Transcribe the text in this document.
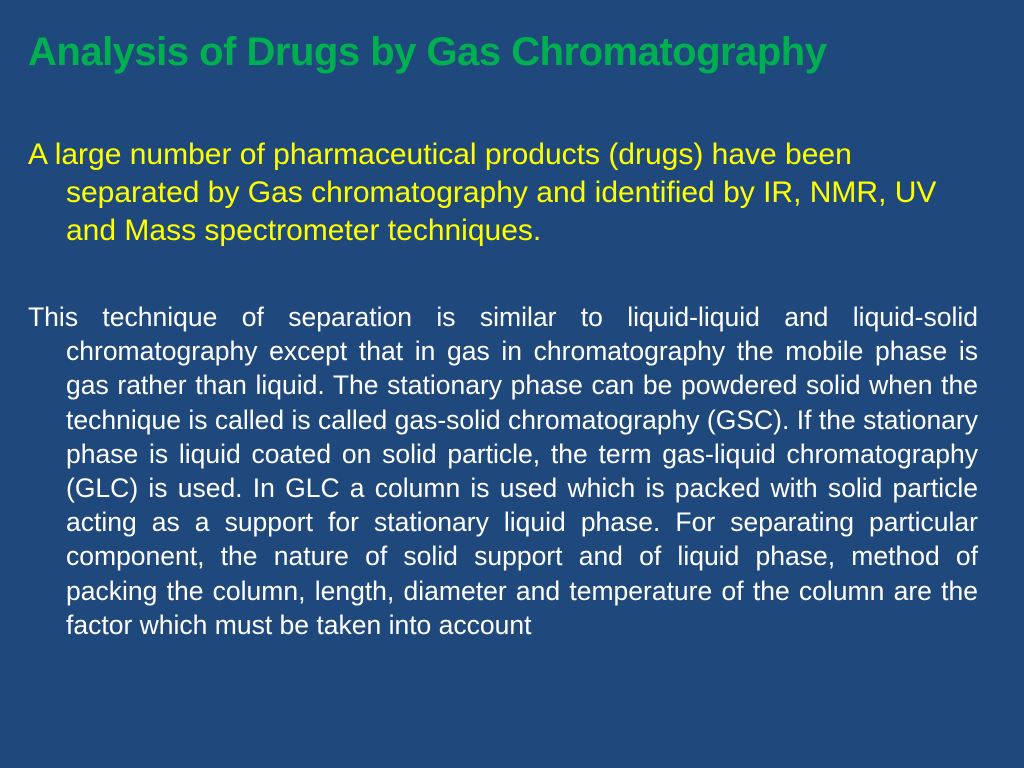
Analysis of Drugs by Gas Chromatography

A large number of pharmaceutical products (drugs) have been separated by Gas chromatography and identified by IR, NMR, UV and Mass spectrometer techniques.

This technique of separation is similar to liquid-liquid and liquid-solid chromatography except that in gas in chromatography the mobile phase is gas rather than liquid. The stationary phase can be powdered solid when the technique is called is called gas-solid chromatography (GSC). If the stationary phase is liquid coated on solid particle, the term gas-liquid chromatography (GLC) is used. In GLC a column is used which is packed with solid particle acting as a support for stationary liquid phase. For separating particular component, the nature of solid support and of liquid phase, method of packing the column, length, diameter and temperature of the column are the factor which must be taken into account
